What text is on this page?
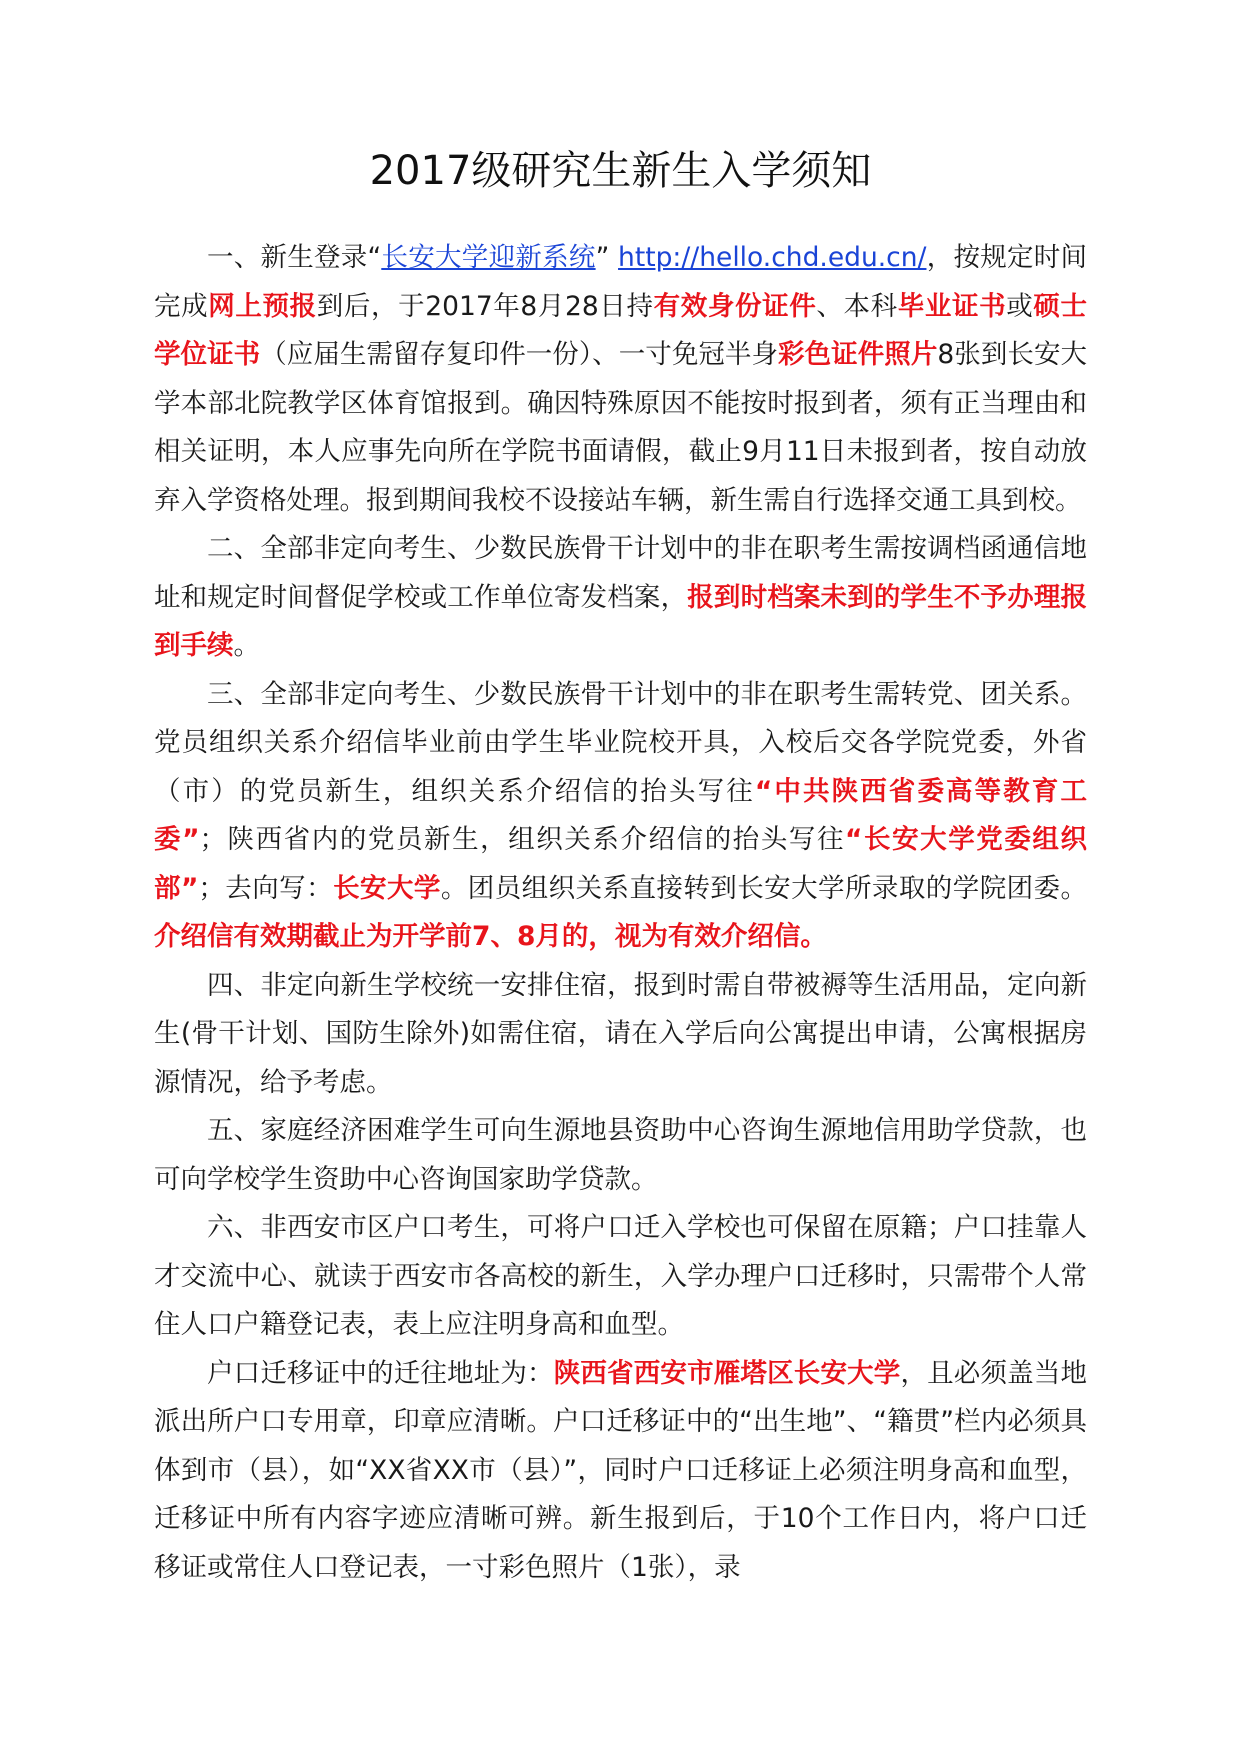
2017级研究生新生入学须知

一、新生登录“长安大学迎新系统” http://hello.chd.edu.cn/，按规定时间完成网上预报到后，于2017年8月28日持有效身份证件、本科毕业证书或硕士学位证书（应届生需留存复印件一份）、一寸免冠半身彩色证件照片8张到长安大学本部北院教学区体育馆报到。确因特殊原因不能按时报到者，须有正当理由和相关证明，本人应事先向所在学院书面请假，截止9月11日未报到者，按自动放弃入学资格处理。报到期间我校不设接站车辆，新生需自行选择交通工具到校。

二、全部非定向考生、少数民族骨干计划中的非在职考生需按调档函通信地址和规定时间督促学校或工作单位寄发档案，报到时档案未到的学生不予办理报到手续。

三、全部非定向考生、少数民族骨干计划中的非在职考生需转党、团关系。党员组织关系介绍信毕业前由学生毕业院校开具，入校后交各学院党委，外省（市）的党员新生，组织关系介绍信的抬头写往“中共陕西省委高等教育工委”；陕西省内的党员新生，组织关系介绍信的抬头写往“长安大学党委组织部”；去向写：长安大学。团员组织关系直接转到长安大学所录取的学院团委。介绍信有效期截止为开学前7、8月的，视为有效介绍信。

四、非定向新生学校统一安排住宿，报到时需自带被褥等生活用品，定向新生(骨干计划、国防生除外)如需住宿，请在入学后向公寓提出申请，公寓根据房源情况，给予考虑。

五、家庭经济困难学生可向生源地县资助中心咨询生源地信用助学贷款，也可向学校学生资助中心咨询国家助学贷款。

六、非西安市区户口考生，可将户口迁入学校也可保留在原籍；户口挂靠人才交流中心、就读于西安市各高校的新生，入学办理户口迁移时，只需带个人常住人口户籍登记表，表上应注明身高和血型。

户口迁移证中的迁往地址为：陕西省西安市雁塔区长安大学，且必须盖当地派出所户口专用章，印章应清晰。户口迁移证中的“出生地”、“籍贯”栏内必须具体到市（县），如“XX省XX市（县）”，同时户口迁移证上必须注明身高和血型，迁移证中所有内容字迹应清晰可辨。新生报到后，于10个工作日内，将户口迁移证或常住人口登记表，一寸彩色照片（1张），录
